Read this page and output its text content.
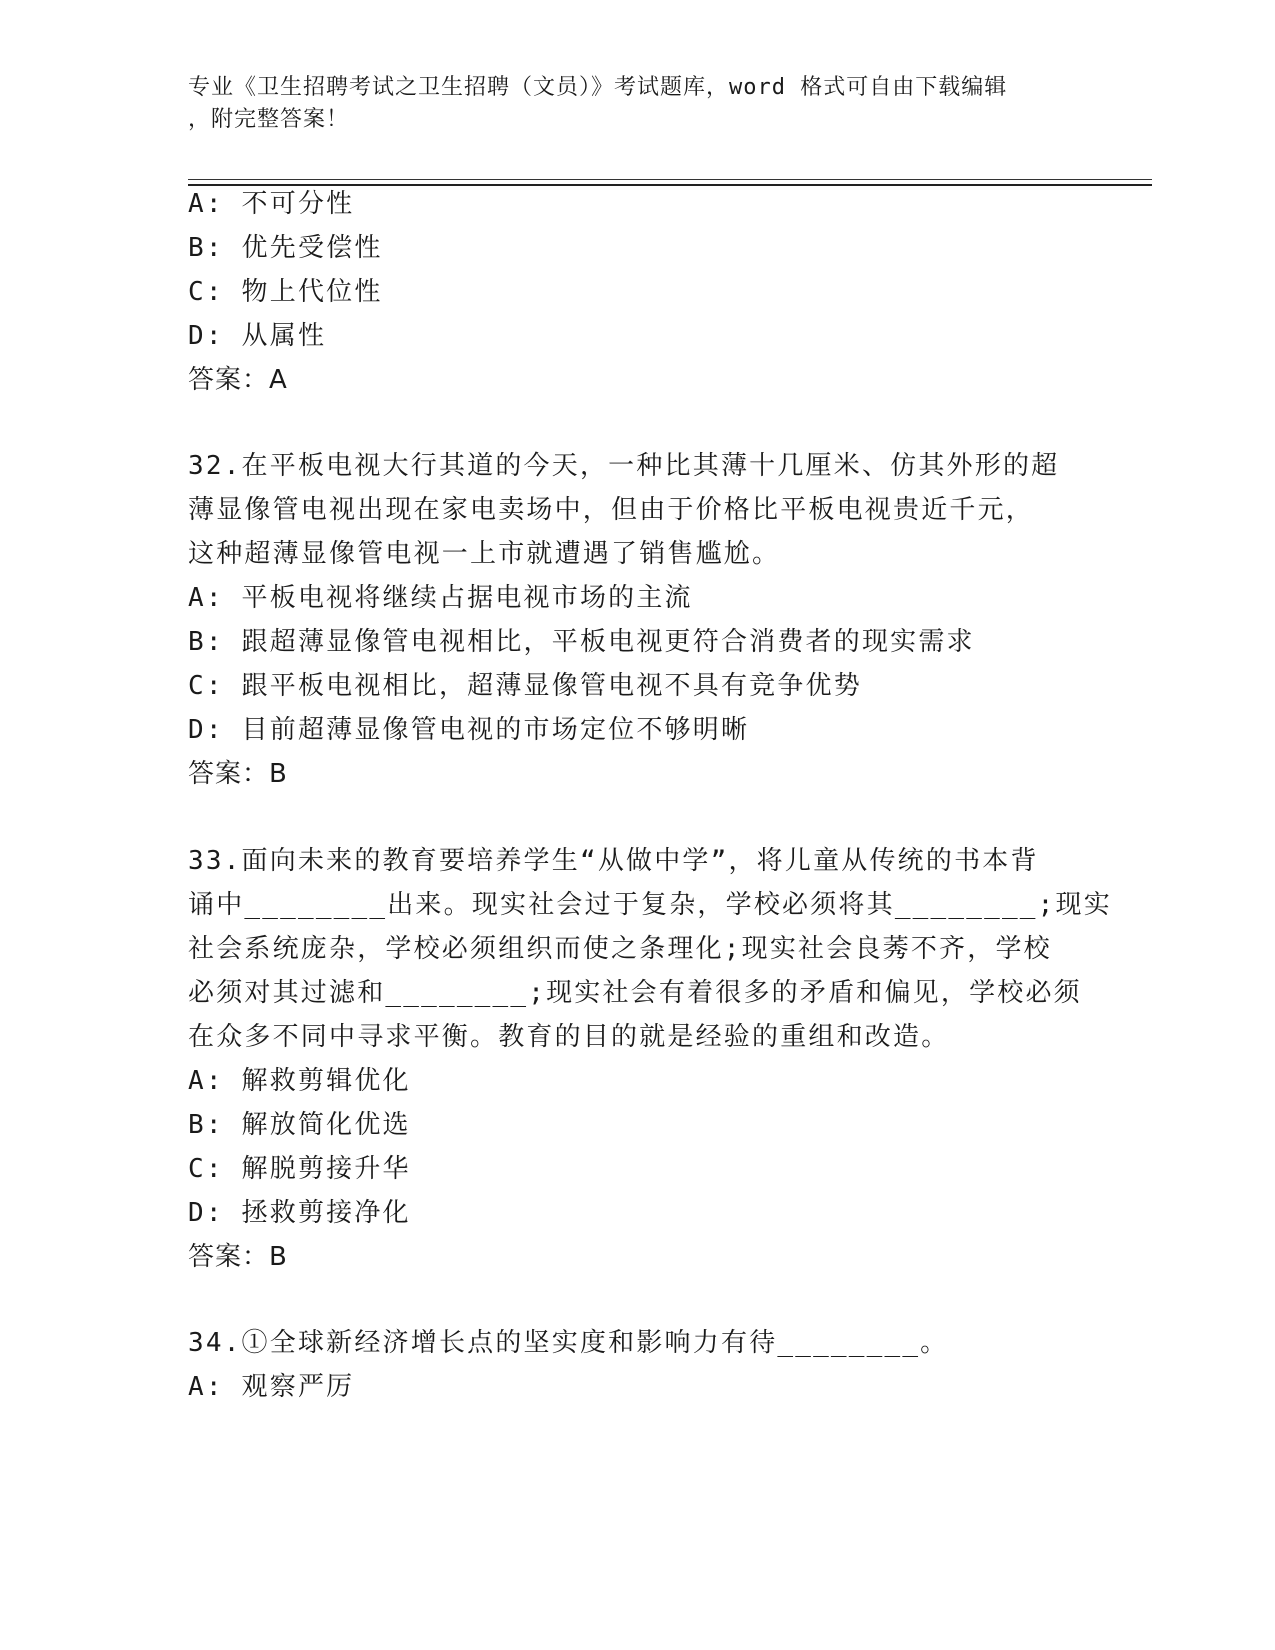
专业《卫生招聘考试之卫生招聘（文员）》考试题库，word 格式可自由下载编辑
，附完整答案！
A: 不可分性
B: 优先受偿性
C: 物上代位性
D: 从属性
答案：A
32.在平板电视大行其道的今天，一种比其薄十几厘米、仿其外形的超
薄显像管电视出现在家电卖场中，但由于价格比平板电视贵近千元，
这种超薄显像管电视一上市就遭遇了销售尴尬。
A: 平板电视将继续占据电视市场的主流
B: 跟超薄显像管电视相比，平板电视更符合消费者的现实需求
C: 跟平板电视相比，超薄显像管电视不具有竞争优势
D: 目前超薄显像管电视的市场定位不够明晰
答案：B
33.面向未来的教育要培养学生“从做中学”，将儿童从传统的书本背
诵中________出来。现实社会过于复杂，学校必须将其________;现实
社会系统庞杂，学校必须组织而使之条理化;现实社会良莠不齐，学校
必须对其过滤和________;现实社会有着很多的矛盾和偏见，学校必须
在众多不同中寻求平衡。教育的目的就是经验的重组和改造。
A: 解救剪辑优化
B: 解放简化优选
C: 解脱剪接升华
D: 拯救剪接净化
答案：B
34.①全球新经济增长点的坚实度和影响力有待________。
A: 观察严厉
